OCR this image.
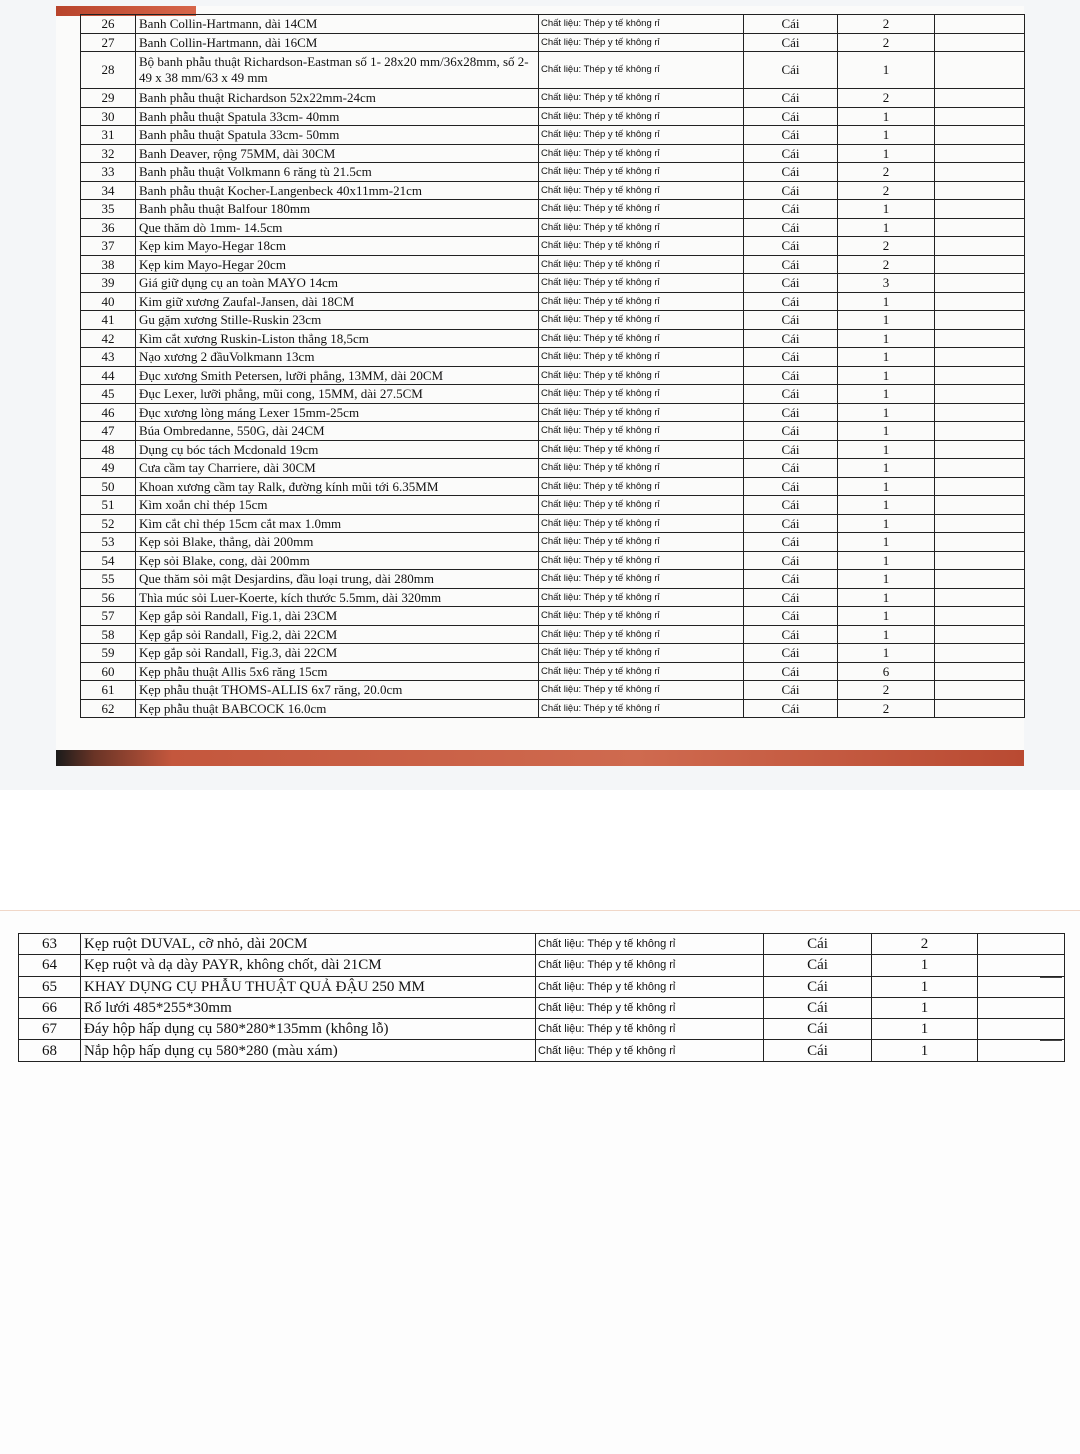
26	Banh Collin-Hartmann, dài 14CM	Chất liệu: Thép y tế không rỉ	Cái	2	
27	Banh Collin-Hartmann, dài 16CM	Chất liệu: Thép y tế không rỉ	Cái	2	
28	Bộ banh phẫu thuật Richardson-Eastman số 1- 28x20 mm/36x28mm, số 2- 49 x 38 mm/63 x 49 mm	Chất liệu: Thép y tế không rỉ	Cái	1	
29	Banh phẫu thuật Richardson 52x22mm-24cm	Chất liệu: Thép y tế không rỉ	Cái	2	
30	Banh phẫu thuật Spatula 33cm- 40mm	Chất liệu: Thép y tế không rỉ	Cái	1	
31	Banh phẫu thuật Spatula 33cm- 50mm	Chất liệu: Thép y tế không rỉ	Cái	1	
32	Banh Deaver, rộng 75MM, dài 30CM	Chất liệu: Thép y tế không rỉ	Cái	1	
33	Banh phẫu thuật Volkmann 6 răng tù 21.5cm	Chất liệu: Thép y tế không rỉ	Cái	2	
34	Banh phẫu thuật Kocher-Langenbeck 40x11mm-21cm	Chất liệu: Thép y tế không rỉ	Cái	2	
35	Banh phẫu thuật Balfour 180mm	Chất liệu: Thép y tế không rỉ	Cái	1	
36	Que thăm dò 1mm- 14.5cm	Chất liệu: Thép y tế không rỉ	Cái	1	
37	Kẹp kim Mayo-Hegar 18cm	Chất liệu: Thép y tế không rỉ	Cái	2	
38	Kẹp kim Mayo-Hegar 20cm	Chất liệu: Thép y tế không rỉ	Cái	2	
39	Giá giữ dụng cụ an toàn MAYO 14cm	Chất liệu: Thép y tế không rỉ	Cái	3	
40	Kim giữ xương Zaufal-Jansen, dài 18CM	Chất liệu: Thép y tế không rỉ	Cái	1	
41	Gu gặm xương Stille-Ruskin 23cm	Chất liệu: Thép y tế không rỉ	Cái	1	
42	Kìm cắt xương Ruskin-Liston thẳng 18,5cm	Chất liệu: Thép y tế không rỉ	Cái	1	
43	Nạo xương 2 đầuVolkmann 13cm	Chất liệu: Thép y tế không rỉ	Cái	1	
44	Đục xương Smith Petersen, lưỡi phẳng, 13MM, dài 20CM	Chất liệu: Thép y tế không rỉ	Cái	1	
45	Đục Lexer, lưỡi phẳng, mũi cong, 15MM, dài 27.5CM	Chất liệu: Thép y tế không rỉ	Cái	1	
46	Đục xương lòng máng Lexer 15mm-25cm	Chất liệu: Thép y tế không rỉ	Cái	1	
47	Búa Ombredanne, 550G, dài 24CM	Chất liệu: Thép y tế không rỉ	Cái	1	
48	Dụng cụ bóc tách Mcdonald 19cm	Chất liệu: Thép y tế không rỉ	Cái	1	
49	Cưa cầm tay Charriere, dài 30CM	Chất liệu: Thép y tế không rỉ	Cái	1	
50	Khoan xương cầm tay Ralk, đường kính mũi tới 6.35MM	Chất liệu: Thép y tế không rỉ	Cái	1	
51	Kìm xoắn chỉ thép 15cm	Chất liệu: Thép y tế không rỉ	Cái	1	
52	Kìm cắt chỉ thép 15cm cắt max 1.0mm	Chất liệu: Thép y tế không rỉ	Cái	1	
53	Kẹp sỏi Blake, thẳng, dài 200mm	Chất liệu: Thép y tế không rỉ	Cái	1	
54	Kẹp sỏi Blake, cong, dài 200mm	Chất liệu: Thép y tế không rỉ	Cái	1	
55	Que thăm sỏi mật Desjardins, đầu loại trung, dài 280mm	Chất liệu: Thép y tế không rỉ	Cái	1	
56	Thìa múc sỏi Luer-Koerte, kích thước 5.5mm, dài 320mm	Chất liệu: Thép y tế không rỉ	Cái	1	
57	Kẹp gắp sỏi Randall, Fig.1, dài 23CM	Chất liệu: Thép y tế không rỉ	Cái	1	
58	Kẹp gắp sỏi Randall, Fig.2, dài 22CM	Chất liệu: Thép y tế không rỉ	Cái	1	
59	Kẹp gắp sỏi Randall, Fig.3, dài 22CM	Chất liệu: Thép y tế không rỉ	Cái	1	
60	Kẹp phẫu thuật Allis 5x6 răng 15cm	Chất liệu: Thép y tế không rỉ	Cái	6	
61	Kẹp phẫu thuật THOMS-ALLIS 6x7 răng, 20.0cm	Chất liệu: Thép y tế không rỉ	Cái	2	
62	Kẹp phẫu thuật BABCOCK 16.0cm	Chất liệu: Thép y tế không rỉ	Cái	2	
63	Kẹp ruột DUVAL, cỡ nhỏ, dài 20CM	Chất liệu: Thép y tế không rỉ	Cái	2	
64	Kẹp ruột và dạ dày PAYR, không chốt, dài 21CM	Chất liệu: Thép y tế không rỉ	Cái	1	
65	KHAY DỤNG CỤ PHẪU THUẬT QUẢ ĐẬU 250 MM	Chất liệu: Thép y tế không rỉ	Cái	1	
66	Rổ lưới 485*255*30mm	Chất liệu: Thép y tế không rỉ	Cái	1	
67	Đáy hộp hấp dụng cụ 580*280*135mm (không lỗ)	Chất liệu: Thép y tế không rỉ	Cái	1	
68	Nắp hộp hấp dụng cụ 580*280 (màu xám)	Chất liệu: Thép y tế không rỉ	Cái	1	
